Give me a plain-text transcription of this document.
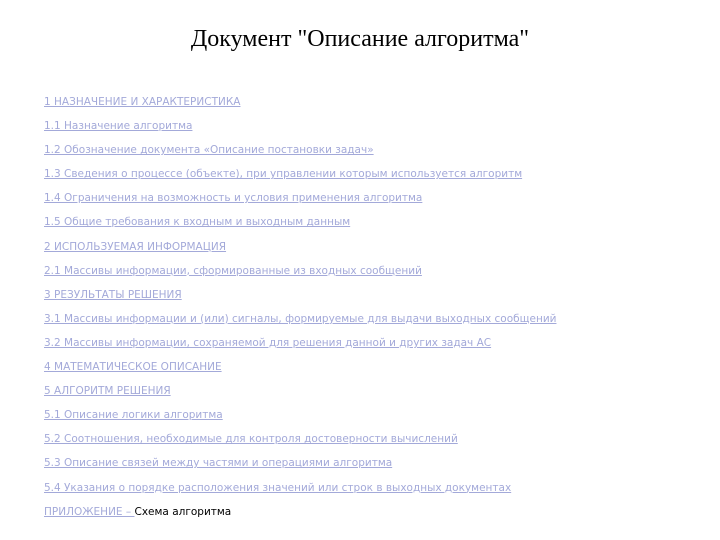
Документ "Описание алгоритма"
1 НАЗНАЧЕНИЕ И ХАРАКТЕРИСТИКА
1.1 Назначение алгоритма
1.2 Обозначение документа «Описание постановки задач»
1.3 Сведения о процессе (объекте), при управлении которым используется алгоритм
1.4 Ограничения на возможность и условия применения алгоритма
1.5 Общие требования к входным и выходным данным
2 ИСПОЛЬЗУЕМАЯ ИНФОРМАЦИЯ
2.1 Массивы информации, сформированные из входных сообщений
3 РЕЗУЛЬТАТЫ РЕШЕНИЯ
3.1 Массивы информации и (или) сигналы, формируемые для выдачи выходных сообщений
3.2 Массивы информации, сохраняемой для решения данной и других задач АС
4 МАТЕМАТИЧЕСКОЕ ОПИСАНИЕ
5 АЛГОРИТМ РЕШЕНИЯ
5.1 Описание логики алгоритма
5.2 Соотношения, необходимые для контроля достоверности вычислений
5.3 Описание связей между частями и операциями алгоритма
5.4 Указания о порядке расположения значений или строк в выходных документах
ПРИЛОЖЕНИЕ – Схема алгоритма
